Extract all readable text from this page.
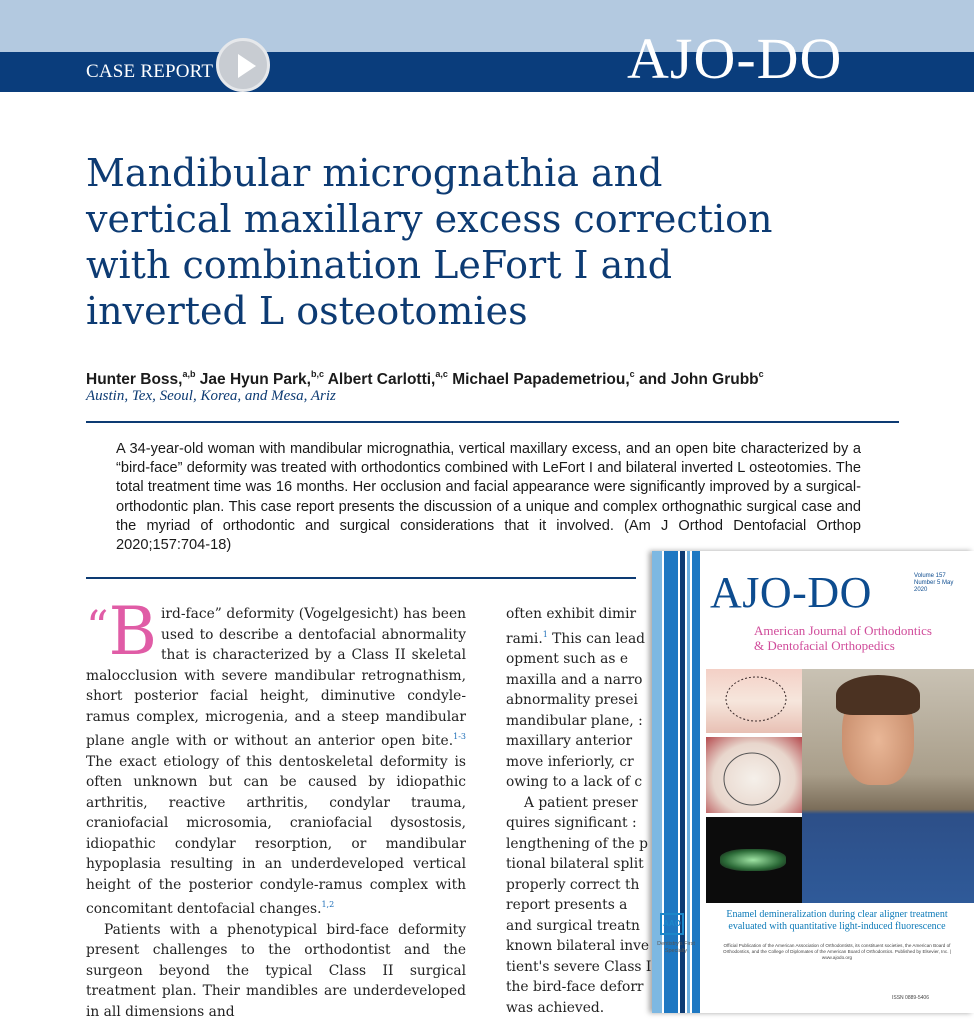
CASE REPORT	AJO-DO
Mandibular micrognathia and vertical maxillary excess correction with combination LeFort I and inverted L osteotomies
Hunter Boss,$^{a,b}$ Jae Hyun Park,$^{b,c}$ Albert Carlotti,$^{a,c}$ Michael Papademetriou,$^c$ and John Grubb$^c$
Austin, Tex, Seoul, Korea, and Mesa, Ariz
A 34-year-old woman with mandibular micrognathia, vertical maxillary excess, and an open bite characterized by a “bird-face” deformity was treated with orthodontics combined with LeFort I and bilateral inverted L osteotomies. The total treatment time was 16 months. Her occlusion and facial appearance were significantly improved by a surgical-orthodontic plan. This case report presents the discussion of a unique and complex orthognathic surgical case and the myriad of orthodontic and surgical considerations that it involved. (Am J Orthod Dentofacial Orthop 2020;157:704-18)

“ B ird-face” deformity (Vogelgesicht) has been used to describe a dentofacial abnormality that is characterized by a Class II skeletal malocclusion with severe mandibular retrognathism, short posterior facial height, diminutive condyle-ramus complex, microgenia, and a steep mandibular plane angle with or without an anterior open bite.$^{1-3}$ The exact etiology of this dentoskeletal deformity is often unknown but can be caused by idiopathic arthritis, reactive arthritis, condylar trauma, craniofacial microsomia, craniofacial dysostosis, idiopathic condylar resorption, or mandibular hypoplasia resulting in an underdeveloped vertical height of the posterior condyle-ramus complex with concomitant dentofacial changes.$^{1,2}$

Patients with a phenotypical bird-face deformity present challenges to the orthodontist and the surgeon beyond the typical Class II surgical treatment plan. Their mandibles are underdeveloped in all dimensions and

often exhibit dimir
rami.$^1$ This can lead
opment such as e
maxilla and a narro
abnormality presei
mandibular plane, :
maxillary anterior
move inferiorly, cr
owing to a lack of c
A patient preser
quires significant :
lengthening of the p
tional bilateral split
properly correct th
report presents a
and surgical treatn
known bilateral inve
tient's severe Class I
the bird-face deforr
was achieved.
AJO-DO	Volume 157 Number 5 May 2020
American Journal of Orthodontics
& Dentofacial Orthopedics
Enamel demineralization during clear aligner treatment evaluated with quantitative light-induced fluorescence
AAO
Dentistry's First Specialty
Official Publication of the American Association of Orthodontists, its constituent societies, the American Board of Orthodontics, and the College of Diplomates of the American Board of Orthodontics. Published by Elsevier, Inc. | www.ajodo.org
ISSN 0889-5406
